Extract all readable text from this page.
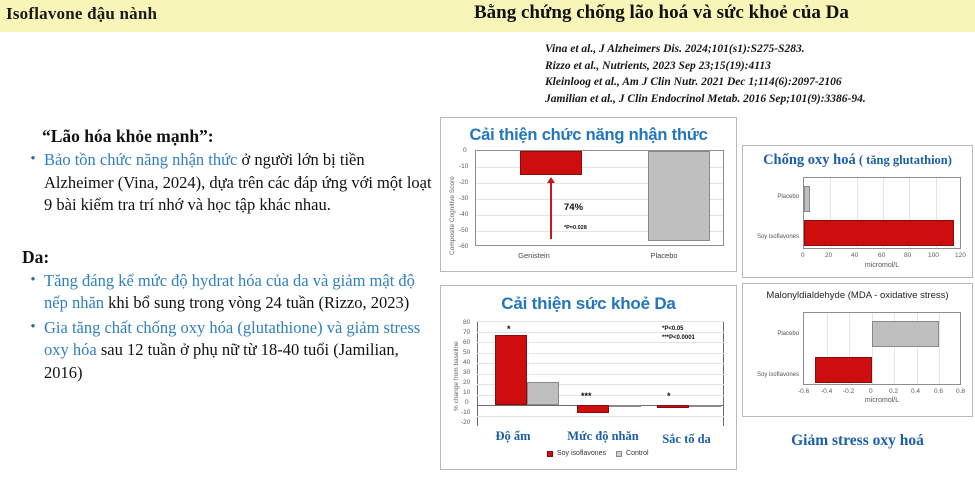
Isoflavone đậu nành	Bằng chứng chống lão hoá và sức khoẻ của Da
Vina et al., J Alzheimers Dis. 2024;101(s1):S275-S283.
Rizzo et al., Nutrients, 2023 Sep 23;15(19):4113
Kleinloog et al., Am J Clin Nutr. 2021 Dec 1;114(6):2097-2106
Jamilian et al., J Clin Endocrinol Metab. 2016 Sep;101(9):3386-94.
“Lão hóa khỏe mạnh”:
• Bảo tồn chức năng nhận thức ở người lớn bị tiền Alzheimer (Vina, 2024), dựa trên các đáp ứng với một loạt 9 bài kiểm tra trí nhớ và học tập khác nhau.
Da:
• Tăng đáng kể mức độ hydrat hóa của da và giảm mật độ nếp nhăn khi bổ sung trong vòng 24 tuần (Rizzo, 2023)
• Gia tăng chất chống oxy hóa (glutathione) và giảm stress oxy hóa sau 12 tuần ở phụ nữ từ 18-40 tuổi (Jamilian, 2016)
Cải thiện chức năng nhận thức
Composite Cognitive Score
0
-10
-20
-30
-40
-50
-60
74%
*P=0.028
Genistein	Placebo
Cải thiện sức khoẻ Da
% change from baseline
80
70
60
50
40
30
20
10
0
-10
-20
*
***	*
*P<0.05
***P<0.0001
Độ ẩm	Mức độ nhăn	Sắc tố da
Soy isoflavones	Control
Chống oxy hoá ( tăng glutathion)
Placebo
Soy isoflavones
0	20	40	60	80	100 120
micromol/L
Malonyldialdehyde (MDA - oxidative stress)
Placebo
Soy isoflavones
-0.6 -0.4 -0.2 0	0.2 0.4 0.6 0.8
micromol/L
Giảm stress oxy hoá
